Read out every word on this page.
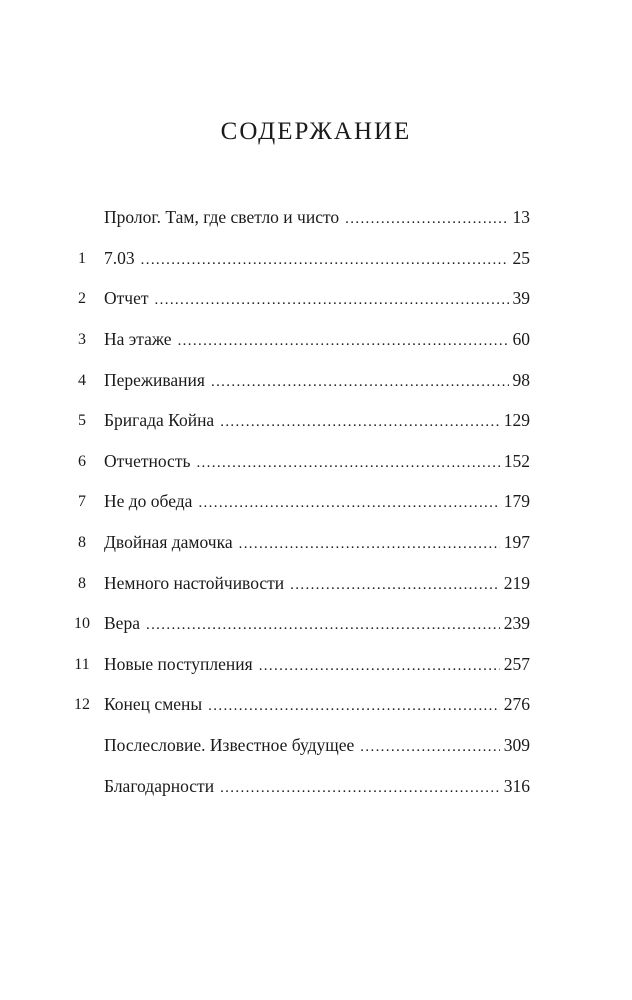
СОДЕРЖАНИЕ
Пролог. Там, где светло и чисто . . .	13
1	7.03 . . .	25
2	Отчет . . .	39
3	На этаже . . .	60
4	Переживания . . .	98
5	Бригада Койна . . .	129
6	Отчетность . . .	152
7	Не до обеда . . .	179
8	Двойная дамочка . . .	197
8	Немного настойчивости . . .	219
10 Вера . . .	239
11 Новые поступления . . .	257
12 Конец смены . . .	276
Послесловие. Известное будущее . . .	309
Благодарности . . .	316
